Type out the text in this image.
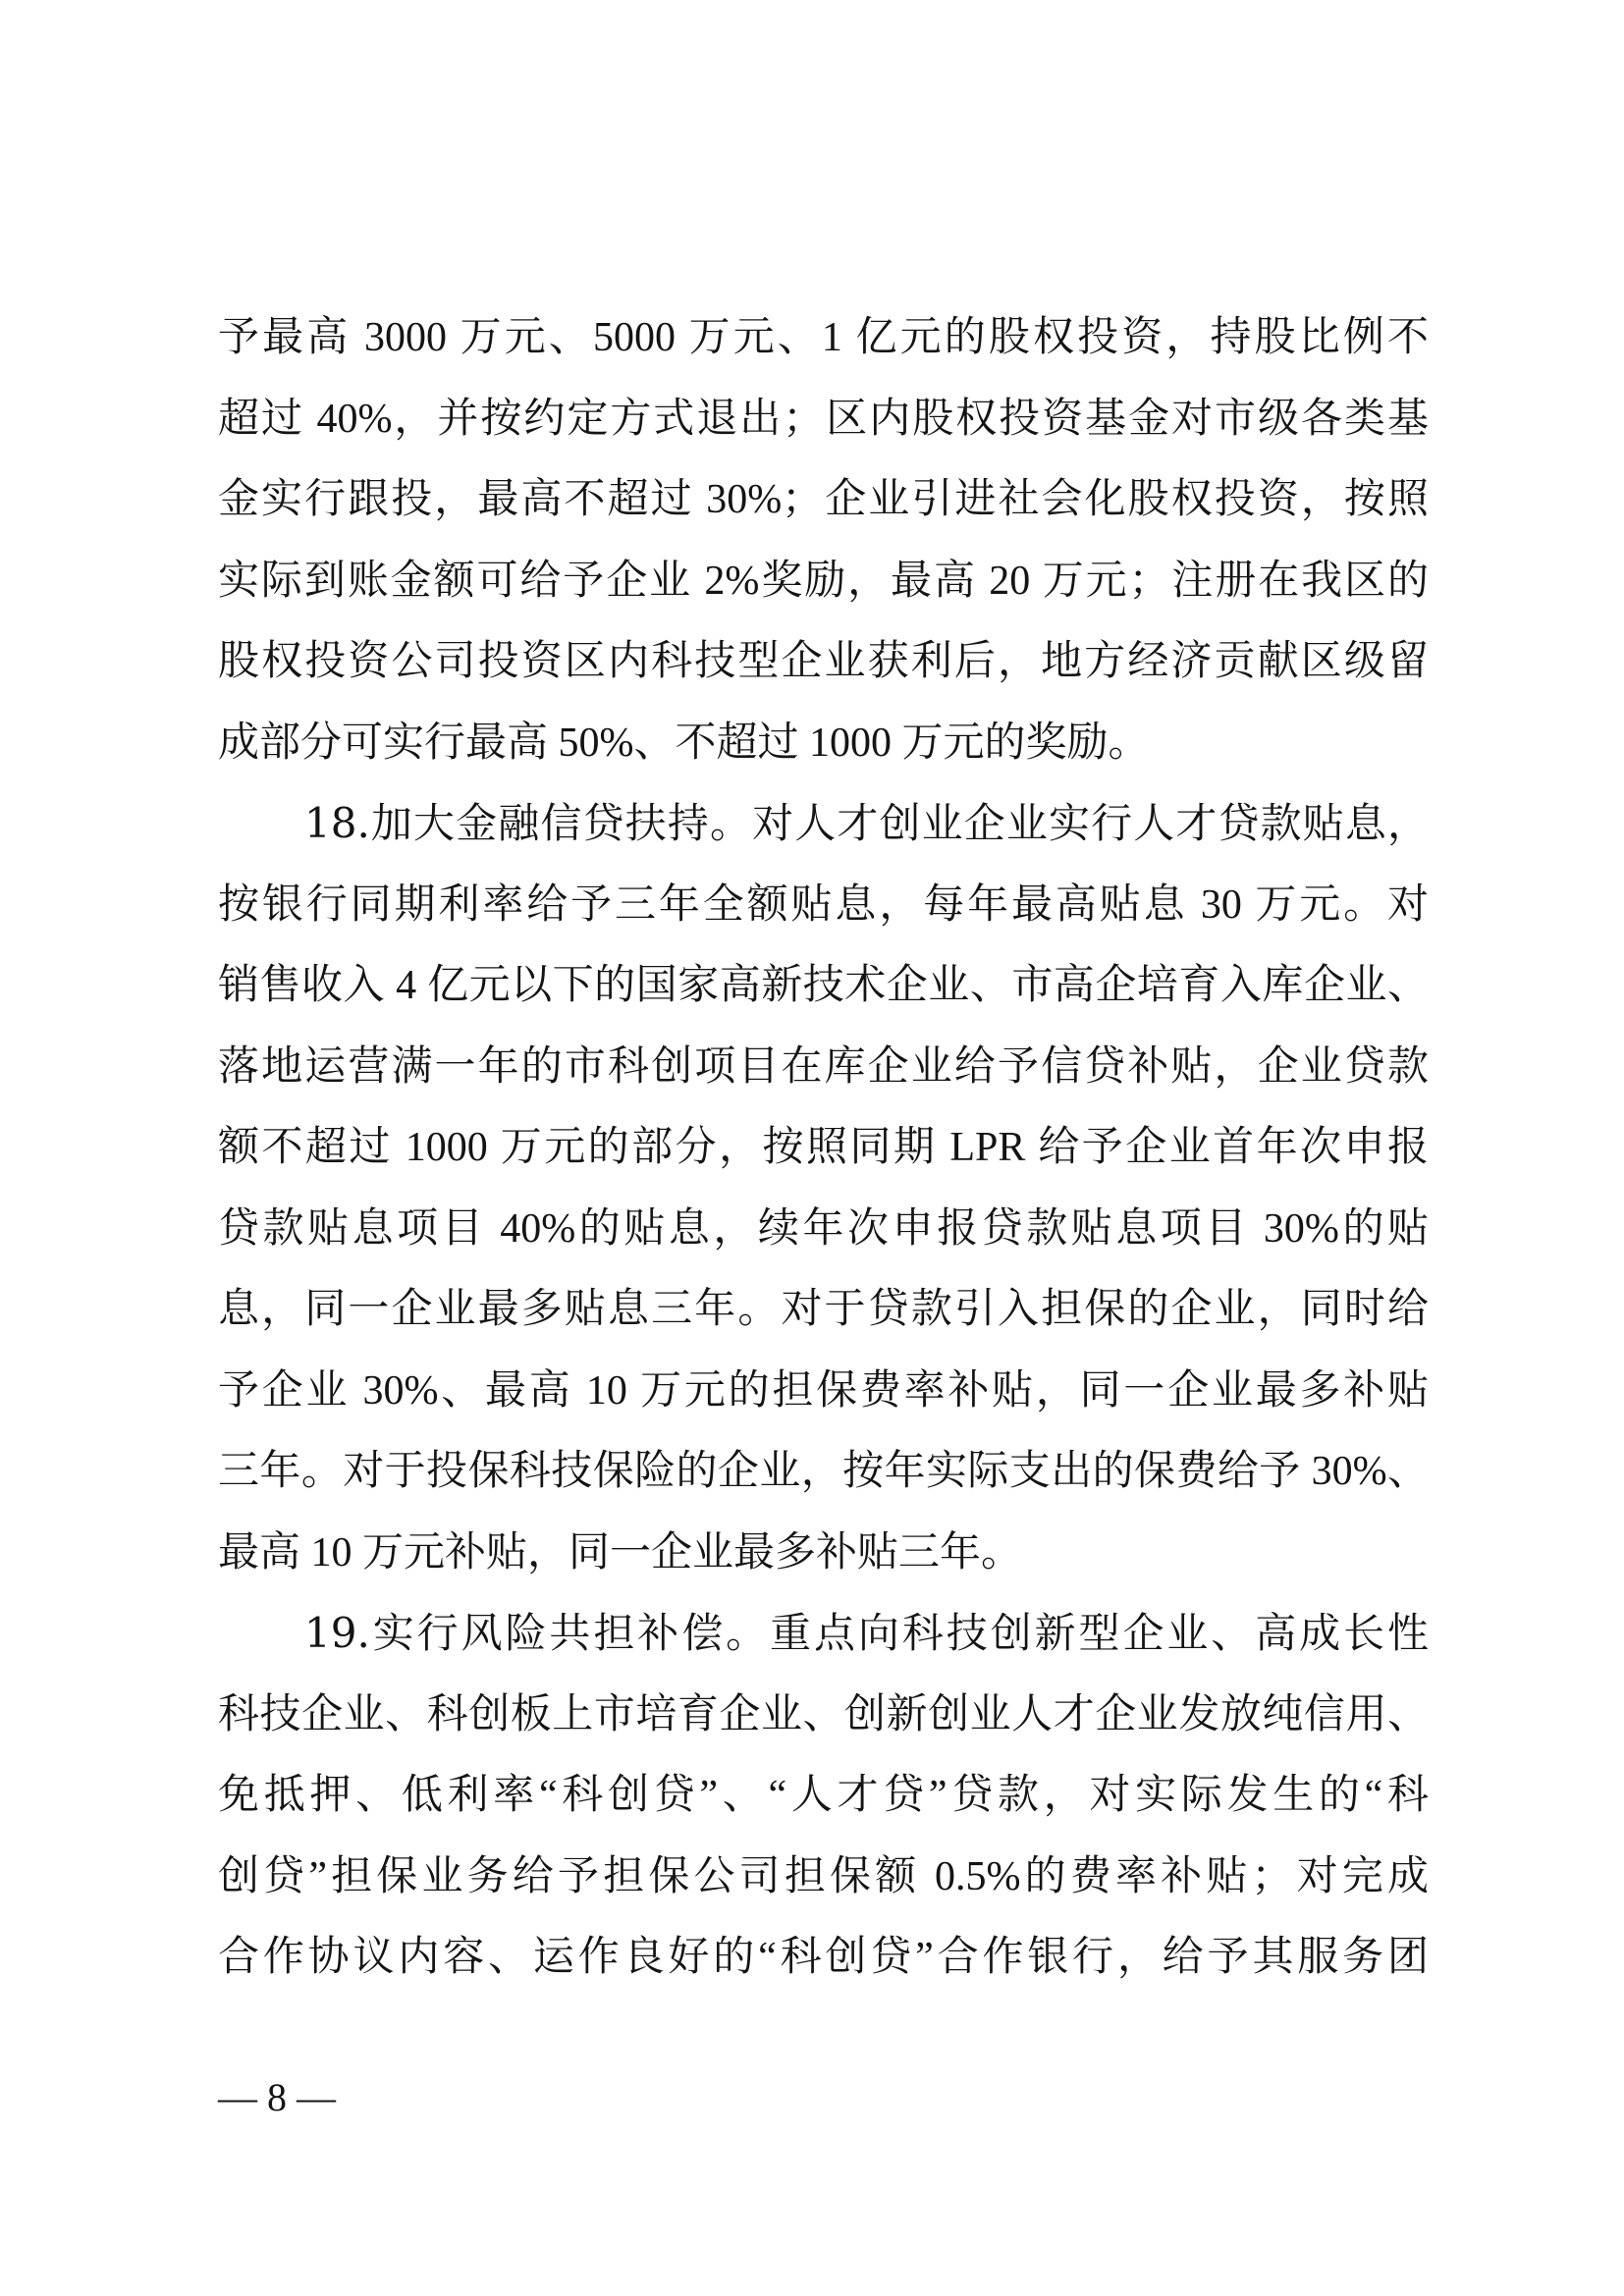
予最高 3000 万元、5000 万元、1 亿元的股权投资，持股比例不
超过 40%，并按约定方式退出；区内股权投资基金对市级各类基
金实行跟投，最高不超过 30%；企业引进社会化股权投资，按照
实际到账金额可给予企业 2%奖励，最高 20 万元；注册在我区的
股权投资公司投资区内科技型企业获利后，地方经济贡献区级留
成部分可实行最高 50%、不超过 1000 万元的奖励。
18.加大金融信贷扶持。对人才创业企业实行人才贷款贴息，
按银行同期利率给予三年全额贴息，每年最高贴息 30 万元。对
销售收入 4 亿元以下的国家高新技术企业、市高企培育入库企业、
落地运营满一年的市科创项目在库企业给予信贷补贴，企业贷款
额不超过 1000 万元的部分，按照同期 LPR 给予企业首年次申报
贷款贴息项目 40%的贴息，续年次申报贷款贴息项目 30%的贴
息，同一企业最多贴息三年。对于贷款引入担保的企业，同时给
予企业 30%、最高 10 万元的担保费率补贴，同一企业最多补贴
三年。对于投保科技保险的企业，按年实际支出的保费给予 30%、
最高 10 万元补贴，同一企业最多补贴三年。
19.实行风险共担补偿。重点向科技创新型企业、高成长性
科技企业、科创板上市培育企业、创新创业人才企业发放纯信用、
免抵押、低利率“科创贷”、“人才贷”贷款，对实际发生的“科
创贷”担保业务给予担保公司担保额 0.5%的费率补贴；对完成
合作协议内容、运作良好的“科创贷”合作银行，给予其服务团
— 8 —
